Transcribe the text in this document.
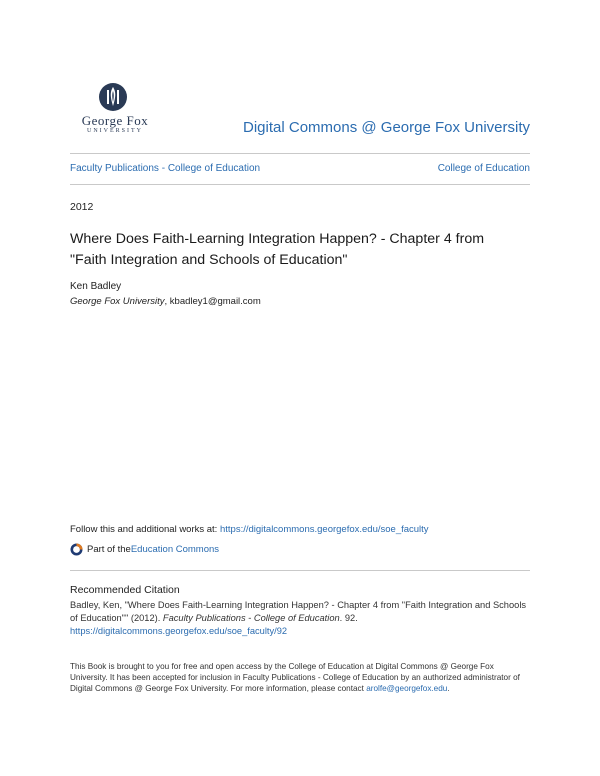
George Fox
UNIVERSITY	Digital Commons @ George Fox University
Faculty Publications - College of Education	College of Education
2012
Where Does Faith-Learning Integration Happen? - Chapter 4 from
"Faith Integration and Schools of Education"
Ken Badley
George Fox University, kbadley1@gmail.com
Follow this and additional works at: https://digitalcommons.georgefox.edu/soe_faculty
Part of the Education Commons
Recommended Citation
Badley, Ken, "Where Does Faith-Learning Integration Happen? - Chapter 4 from "Faith Integration and Schools of Education"" (2012). Faculty Publications - College of Education. 92.
https://digitalcommons.georgefox.edu/soe_faculty/92
This Book is brought to you for free and open access by the College of Education at Digital Commons @ George Fox University. It has been accepted for inclusion in Faculty Publications - College of Education by an authorized administrator of Digital Commons @ George Fox University. For more information, please contact arolfe@georgefox.edu.
